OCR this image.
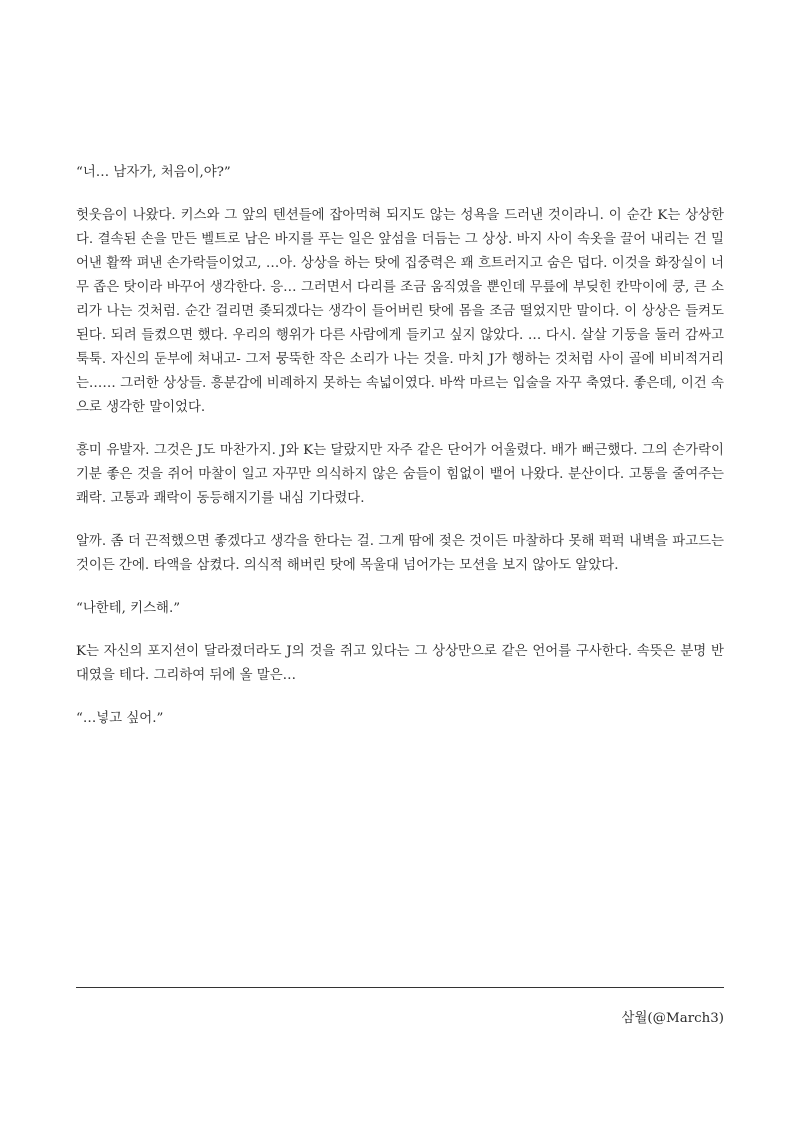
“너… 남자가, 처음이,야?”

헛웃음이 나왔다. 키스와 그 앞의 텐션들에 잡아먹혀 되지도 않는 성욕을 드러낸 것이라니. 이 순간 K는 상상한다. 결속된 손을 만든 벨트로 남은 바지를 푸는 일은 앞섬을 더듬는 그 상상. 바지 사이 속옷을 끌어 내리는 건 밀어낸 활짝 펴낸 손가락들이었고, …아. 상상을 하는 탓에 집중력은 꽤 흐트러지고 숨은 덥다. 이것을 화장실이 너무 좁은 탓이라 바꾸어 생각한다. 응… 그러면서 다리를 조금 움직였을 뿐인데 무릎에 부딪힌 칸막이에 쿵, 큰 소리가 나는 것처럼. 순간 걸리면 좆되겠다는 생각이 들어버린 탓에 몸을 조금 떨었지만 말이다. 이 상상은 들켜도 된다. 되려 들켰으면 했다. 우리의 행위가 다른 사람에게 들키고 싶지 않았다. … 다시. 살살 기둥을 둘러 감싸고 툭툭. 자신의 둔부에 쳐내고- 그저 뭉뚝한 작은 소리가 나는 것을. 마치 J가 행하는 것처럼 사이 골에 비비적거리는…… 그러한 상상들. 흥분감에 비례하지 못하는 속넓이였다. 바싹 마르는 입술을 자꾸 축였다. 좋은데, 이건 속으로 생각한 말이었다.

흥미 유발자. 그것은 J도 마찬가지. J와 K는 달랐지만 자주 같은 단어가 어울렸다. 배가 뻐근했다. 그의 손가락이 기분 좋은 것을 쥐어 마찰이 일고 자꾸만 의식하지 않은 숨들이 힘없이 뱉어 나왔다. 분산이다. 고통을 줄여주는 쾌락. 고통과 쾌락이 동등해지기를 내심 기다렸다.

알까. 좀 더 끈적했으면 좋겠다고 생각을 한다는 걸. 그게 땀에 젖은 것이든 마찰하다 못해 퍽퍽 내벽을 파고드는 것이든 간에. 타액을 삼켰다. 의식적 해버린 탓에 목울대 넘어가는 모션을 보지 않아도 알았다.

“나한테, 키스해.”

K는 자신의 포지션이 달라졌더라도 J의 것을 쥐고 있다는 그 상상만으로 같은 언어를 구사한다. 속뜻은 분명 반대였을 테다. 그리하여 뒤에 올 말은…

“…넣고 싶어.”

삼월(@March3)
